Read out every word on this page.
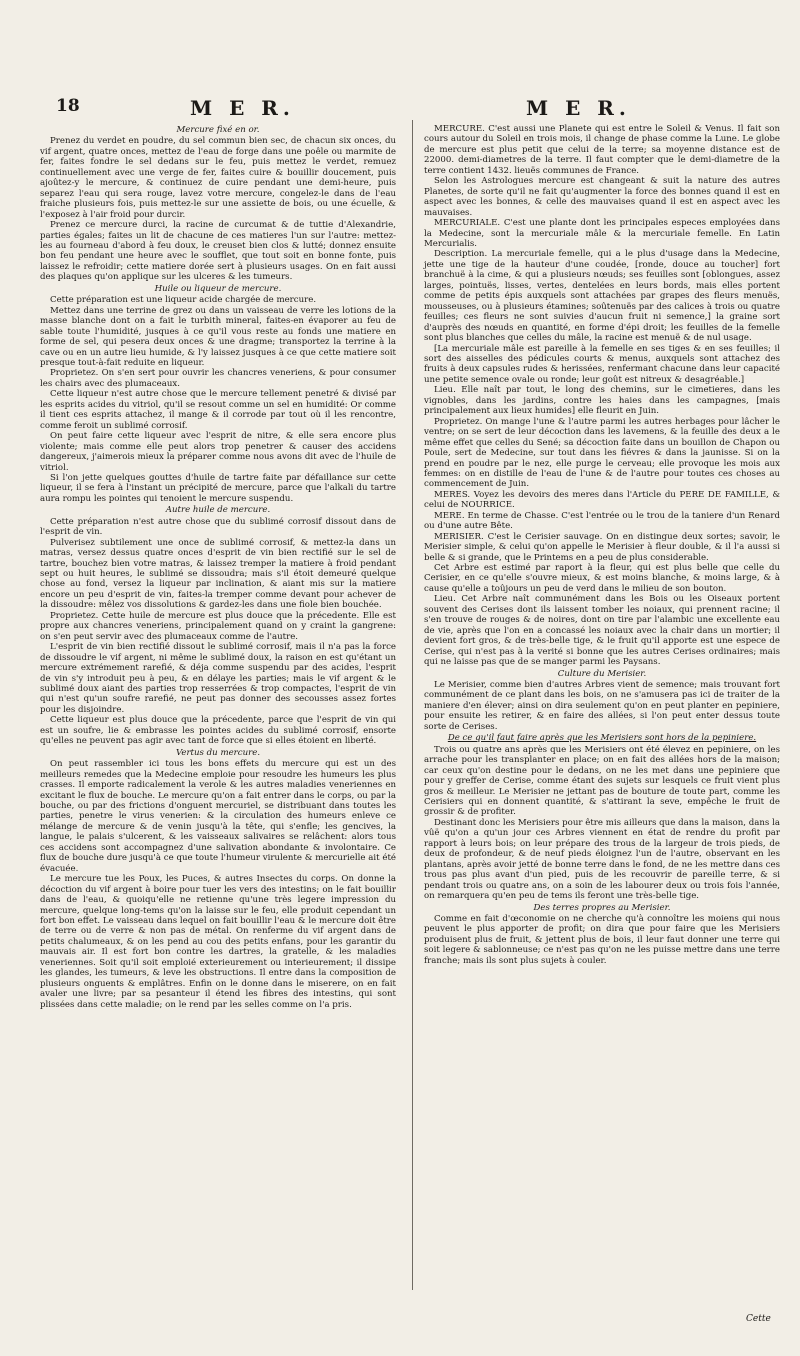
18	M E R.	M E R.
Mercure fixé en or.

Prenez du verdet en poudre, du sel commun bien sec, de chacun six onces, du vif argent, quatre onces, mettez de l'eau de forge dans une poêle ou marmite de fer, faites fondre le sel dedans sur le feu, puis mettez le verdet, remuez continuellement avec une verge de fer, faites cuire & bouillir doucement, puis ajoûtez-y le mercure, & continuez de cuire pendant une demi-heure, puis separez l'eau qui sera rouge, lavez votre mercure, congelez-le dans de l'eau fraiche plusieurs fois, puis mettez-le sur une assiette de bois, ou une écuelle, & l'exposez à l'air froid pour durcir.

Prenez ce mercure durci, la racine de curcumat & de tuttie d'Alexandrie, parties égales; faites un lit de chacune de ces matieres l'un sur l'autre: mettez-les au fourneau d'abord à feu doux, le creuset bien clos & lutté; donnez ensuite bon feu pendant une heure avec le soufflet, que tout soit en bonne fonte, puis laissez le refroidir; cette matiere dorée sert à plusieurs usages. On en fait aussi des plaques qu'on applique sur les ulceres & les tumeurs.

Huile ou liqueur de mercure.

Cette préparation est une liqueur acide chargée de mercure.

Mettez dans une terrine de grez ou dans un vaisseau de verre les lotions de la masse blanche dont on a fait le turbith mineral, faites-en évaporer au feu de sable toute l'humidité, jusques à ce qu'il vous reste au fonds une matiere en forme de sel, qui pesera deux onces & une dragme; transportez la terrine à la cave ou en un autre lieu humide, & l'y laissez jusques à ce que cette matiere soit presque tout-à-fait reduite en liqueur.

Proprietez. On s'en sert pour ouvrir les chancres veneriens, & pour consumer les chairs avec des plumaceaux.

Cette liqueur n'est autre chose que le mercure tellement penetré & divisé par les esprits acides du vitriol, qu'il se resout comme un sel en humidité: Or comme il tient ces esprits attachez, il mange & il corrode par tout où il les rencontre, comme feroit un sublimé corrosif.

On peut faire cette liqueur avec l'esprit de nitre, & elle sera encore plus violente; mais comme elle peut alors trop penetrer & causer des accidens dangereux, j'aimerois mieux la préparer comme nous avons dit avec de l'huile de vitriol.

Si l'on jette quelques gouttes d'huile de tartre faite par défaillance sur cette liqueur, il se fera à l'instant un précipité de mercure, parce que l'alkali du tartre aura rompu les pointes qui tenoient le mercure suspendu.

Autre huile de mercure.

Cette préparation n'est autre chose que du sublimé corrosif dissout dans de l'esprit de vin.

Pulverisez subtilement une once de sublimé corrosif, & mettez-la dans un matras, versez dessus quatre onces d'esprit de vin bien rectifié sur le sel de tartre, bouchez bien votre matras, & laissez tremper la matiere à froid pendant sept ou huit heures, le sublimé se dissoudra; mais s'il étoit demeuré quelque chose au fond, versez la liqueur par inclination, & aiant mis sur la matiere encore un peu d'esprit de vin, faites-la tremper comme devant pour achever de la dissoudre: mêlez vos dissolutions & gardez-les dans une fiole bien bouchée.

Proprietez. Cette huile de mercure est plus douce que la précedente. Elle est propre aux chancres veneriens, principalement quand on y craint la gangrene: on s'en peut servir avec des plumaceaux comme de l'autre.

L'esprit de vin bien rectifié dissout le sublimé corrosif, mais il n'a pas la force de dissoudre le vif argent, ni même le sublimé doux, la raison en est qu'étant un mercure extrémement rarefié, & déja comme suspendu par des acides, l'esprit de vin s'y introduit peu à peu, & en délaye les parties; mais le vif argent & le sublimé doux aiant des parties trop resserrées & trop compactes, l'esprit de vin qui n'est qu'un soufre rarefié, ne peut pas donner des secousses assez fortes pour les disjoindre.

Cette liqueur est plus douce que la précedente, parce que l'esprit de vin qui est un soufre, lie & embrasse les pointes acides du sublimé corrosif, ensorte qu'elles ne peuvent pas agir avec tant de force que si elles étoient en liberté.

Vertus du mercure.

On peut rassembler ici tous les bons effets du mercure qui est un des meilleurs remedes que la Medecine emploie pour resoudre les humeurs les plus crasses. Il emporte radicalement la verole & les autres maladies veneriennes en excitant le flux de bouche. Le mercure qu'on a fait entrer dans le corps, ou par la bouche, ou par des frictions d'onguent mercuriel, se distribuant dans toutes les parties, penetre le virus venerien: & la circulation des humeurs enleve ce mélange de mercure & de venin jusqu'à la tête, qui s'enfle; les gencives, la langue, le palais s'ulcerent, & les vaisseaux salivaires se relâchent: alors tous ces accidens sont accompagnez d'une salivation abondante & involontaire. Ce flux de bouche dure jusqu'à ce que toute l'humeur virulente & mercurielle ait été évacuée.

Le mercure tue les Poux, les Puces, & autres Insectes du corps. On donne la décoction du vif argent à boire pour tuer les vers des intestins; on le fait bouillir dans de l'eau, & quoiqu'elle ne retienne qu'une très legere impression du mercure, quelque long-tems qu'on la laisse sur le feu, elle produit cependant un fort bon effet. Le vaisseau dans lequel on fait bouillir l'eau & le mercure doit être de terre ou de verre & non pas de métal. On renferme du vif argent dans de petits chalumeaux, & on les pend au cou des petits enfans, pour les garantir du mauvais air. Il est fort bon contre les dartres, la gratelle, & les maladies veneriennes. Soit qu'il soit emploié exterieurement ou interieurement; il dissipe les glandes, les tumeurs, & leve les obstructions. Il entre dans la composition de plusieurs onguents & emplâtres. Enfin on le donne dans le miserere, on en fait avaler une livre; par sa pesanteur il étend les fibres des intestins, qui sont plissées dans cette maladie; on le rend par les selles comme on l'a pris.

MERCURE. C'est aussi une Planete qui est entre le Soleil & Venus. Il fait son cours autour du Soleil en trois mois, il change de phase comme la Lune. Le globe de mercure est plus petit que celui de la terre; sa moyenne distance est de 22000. demi-diametres de la terre. Il faut compter que le demi-diametre de la terre contient 1432. lieuës communes de France.

Selon les Astrologues mercure est changeant & suit la nature des autres Planetes, de sorte qu'il ne fait qu'augmenter la force des bonnes quand il est en aspect avec les bonnes, & celle des mauvaises quand il est en aspect avec les mauvaises.

MERCURIALE. C'est une plante dont les principales especes employées dans la Medecine, sont la mercuriale mâle & la mercuriale femelle. En Latin Mercurialis.

Description. La mercuriale femelle, qui a le plus d'usage dans la Medecine, jette une tige de la hauteur d'une coudée, [ronde, douce au toucher] fort branchuë à la cime, & qui a plusieurs nœuds; ses feuilles sont [oblongues, assez larges, pointuës, lisses, vertes, dentelées en leurs bords, mais elles portent comme de petits épis auxquels sont attachées par grapes des fleurs menuës, mousseuses, ou à plusieurs étamines; soûtenuës par des calices à trois ou quatre feuilles; ces fleurs ne sont suivies d'aucun fruit ni semence,] la graine sort d'auprès des nœuds en quantité, en forme d'épi droit; les feuilles de la femelle sont plus blanches que celles du mâle, la racine est menuë & de nul usage.

[La mercuriale mâle est pareille à la femelle en ses tiges & en ses feuilles; il sort des aisselles des pédicules courts & menus, auxquels sont attachez des fruits à deux capsules rudes & herissées, renfermant chacune dans leur capacité une petite semence ovale ou ronde; leur goût est nitreux & desagréable.]

Lieu. Elle naît par tout, le long des chemins, sur le cimetieres, dans les vignobles, dans les jardins, contre les haies dans les campagnes, [mais principalement aux lieux humides] elle fleurit en Juin.

Proprietez. On mange l'une & l'autre parmi les autres herbages pour lâcher le ventre; on se sert de leur décoction dans les lavemens, & la feuille des deux a le même effet que celles du Sené; sa décoction faite dans un bouillon de Chapon ou Poule, sert de Medecine, sur tout dans les fiévres & dans la jaunisse. Si on la prend en poudre par le nez, elle purge le cerveau; elle provoque les mois aux femmes: on en distille de l'eau de l'une & de l'autre pour toutes ces choses au commencement de Juin.

MERES. Voyez les devoirs des meres dans l'Article du PERE DE FAMILLE, & celui de NOURRICE.

MERE. En terme de Chasse. C'est l'entrée ou le trou de la taniere d'un Renard ou d'une autre Bête.

MERISIER. C'est le Cerisier sauvage. On en distingue deux sortes; savoir, le Merisier simple, & celui qu'on appelle le Merisier à fleur double, & il l'a aussi si belle & si grande, que le Printems en a peu de plus considerable.

Cet Arbre est estimé par raport à la fleur, qui est plus belle que celle du Cerisier, en ce qu'elle s'ouvre mieux, & est moins blanche, & moins large, & à cause qu'elle a toûjours un peu de verd dans le milieu de son bouton.

Lieu. Cet Arbre naît communément dans les Bois ou les Oiseaux portent souvent des Cerises dont ils laissent tomber les noiaux, qui prennent racine; il s'en trouve de rouges & de noires, dont on tire par l'alambic une excellente eau de vie, après que l'on en a concassé les noiaux avec la chair dans un mortier; il devient fort gros, & de très-belle tige, & le fruit qu'il apporte est une espece de Cerise, qui n'est pas à la verité si bonne que les autres Cerises ordinaires; mais qui ne laisse pas que de se manger parmi les Paysans.

Culture du Merisier.

Le Merisier, comme bien d'autres Arbres vient de semence; mais trouvant fort communément de ce plant dans les bois, on ne s'amusera pas ici de traiter de la maniere d'en élever; ainsi on dira seulement qu'on en peut planter en pepiniere, pour ensuite les retirer, & en faire des allées, si l'on peut enter dessus toute sorte de Cerises.

De ce qu'il faut faire après que les Merisiers sont hors de la pepiniere.

Trois ou quatre ans après que les Merisiers ont été élevez en pepiniere, on les arrache pour les transplanter en place; on en fait des allées hors de la maison; car ceux qu'on destine pour le dedans, on ne les met dans une pepiniere que pour y greffer de Cerise, comme étant des sujets sur lesquels ce fruit vient plus gros & meilleur. Le Merisier ne jettant pas de bouture de toute part, comme les Cerisiers qui en donnent quantité, & s'attirant la seve, empêche le fruit de grossir & de profiter.

Destinant donc les Merisiers pour être mis ailleurs que dans la maison, dans la vûë qu'on a qu'un jour ces Arbres viennent en état de rendre du profit par rapport à leurs bois; on leur prépare des trous de la largeur de trois pieds, de deux de profondeur, & de neuf pieds éloignez l'un de l'autre, observant en les plantans, après avoir jetté de bonne terre dans le fond, de ne les mettre dans ces trous pas plus avant d'un pied, puis de les recouvrir de pareille terre, & si pendant trois ou quatre ans, on a soin de les labourer deux ou trois fois l'année, on remarquera qu'en peu de tems ils feront une très-belle tige.

Des terres propres au Merisier.

Comme en fait d'œconomie on ne cherche qu'à connoître les moiens qui nous peuvent le plus apporter de profit; on dira que pour faire que les Merisiers produisent plus de fruit, & jettent plus de bois, il leur faut donner une terre qui soit legere & sablonneuse; ce n'est pas qu'on ne les puisse mettre dans une terre franche; mais ils sont plus sujets à couler.

Cette
